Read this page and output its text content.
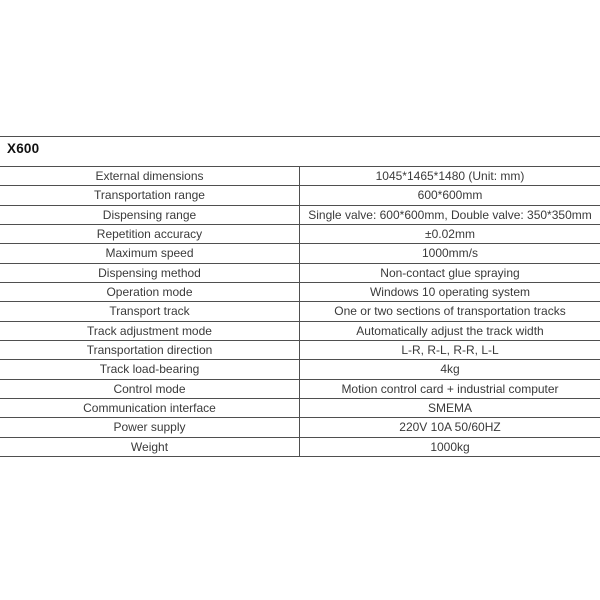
X600
External dimensions	1045*1465*1480 (Unit: mm)
Transportation range	600*600mm
Dispensing range	Single valve: 600*600mm, Double valve: 350*350mm
Repetition accuracy	±0.02mm
Maximum speed	1000mm/s
Dispensing method	Non-contact glue spraying
Operation mode	Windows 10 operating system
Transport track	One or two sections of transportation tracks
Track adjustment mode	Automatically adjust the track width
Transportation direction	L-R, R-L, R-R, L-L
Track load-bearing	4kg
Control mode	Motion control card + industrial computer
Communication interface	SMEMA
Power supply	220V 10A 50/60HZ
Weight	1000kg
